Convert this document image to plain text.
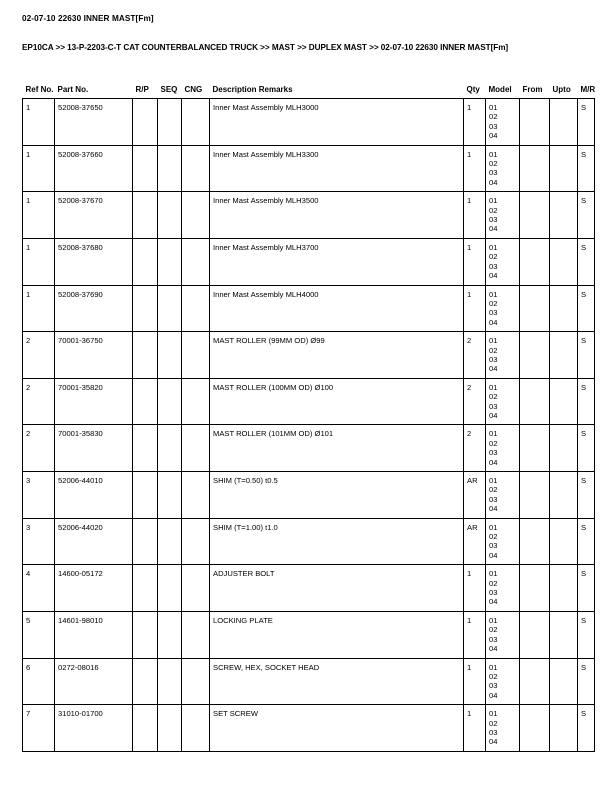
02-07-10 22630 INNER MAST[Fm]
EP10CA >> 13-P-2203-C-T CAT COUNTERBALANCED TRUCK >> MAST >> DUPLEX MAST >> 02-07-10 22630 INNER MAST[Fm]
Ref No.	Part No.	R/P	SEQ	CNG	Description Remarks	Qty	Model	From	Upto	M/R
1	52008-37650				Inner Mast Assembly MLH3000	1	01
02
03
04			S
1	52008-37660				Inner Mast Assembly MLH3300	1	01
02
03
04			S
1	52008-37670				Inner Mast Assembly MLH3500	1	01
02
03
04			S
1	52008-37680				Inner Mast Assembly MLH3700	1	01
02
03
04			S
1	52008-37690				Inner Mast Assembly MLH4000	1	01
02
03
04			S
2	70001-36750				MAST ROLLER (99MM OD) Ø99	2	01
02
03
04			S
2	70001-35820				MAST ROLLER (100MM OD) Ø100	2	01
02
03
04			S
2	70001-35830				MAST ROLLER (101MM OD) Ø101	2	01
02
03
04			S
3	52006-44010				SHIM (T=0.50) t0.5	AR	01
02
03
04			S
3	52006-44020				SHIM (T=1.00) t1.0	AR	01
02
03
04			S
4	14600-05172				ADJUSTER BOLT	1	01
02
03
04			S
5	14601-98010				LOCKING PLATE	1	01
02
03
04			S
6	0272-08016				SCREW, HEX, SOCKET HEAD	1	01
02
03
04			S
7	31010-01700				SET SCREW	1	01
02
03
04			S
